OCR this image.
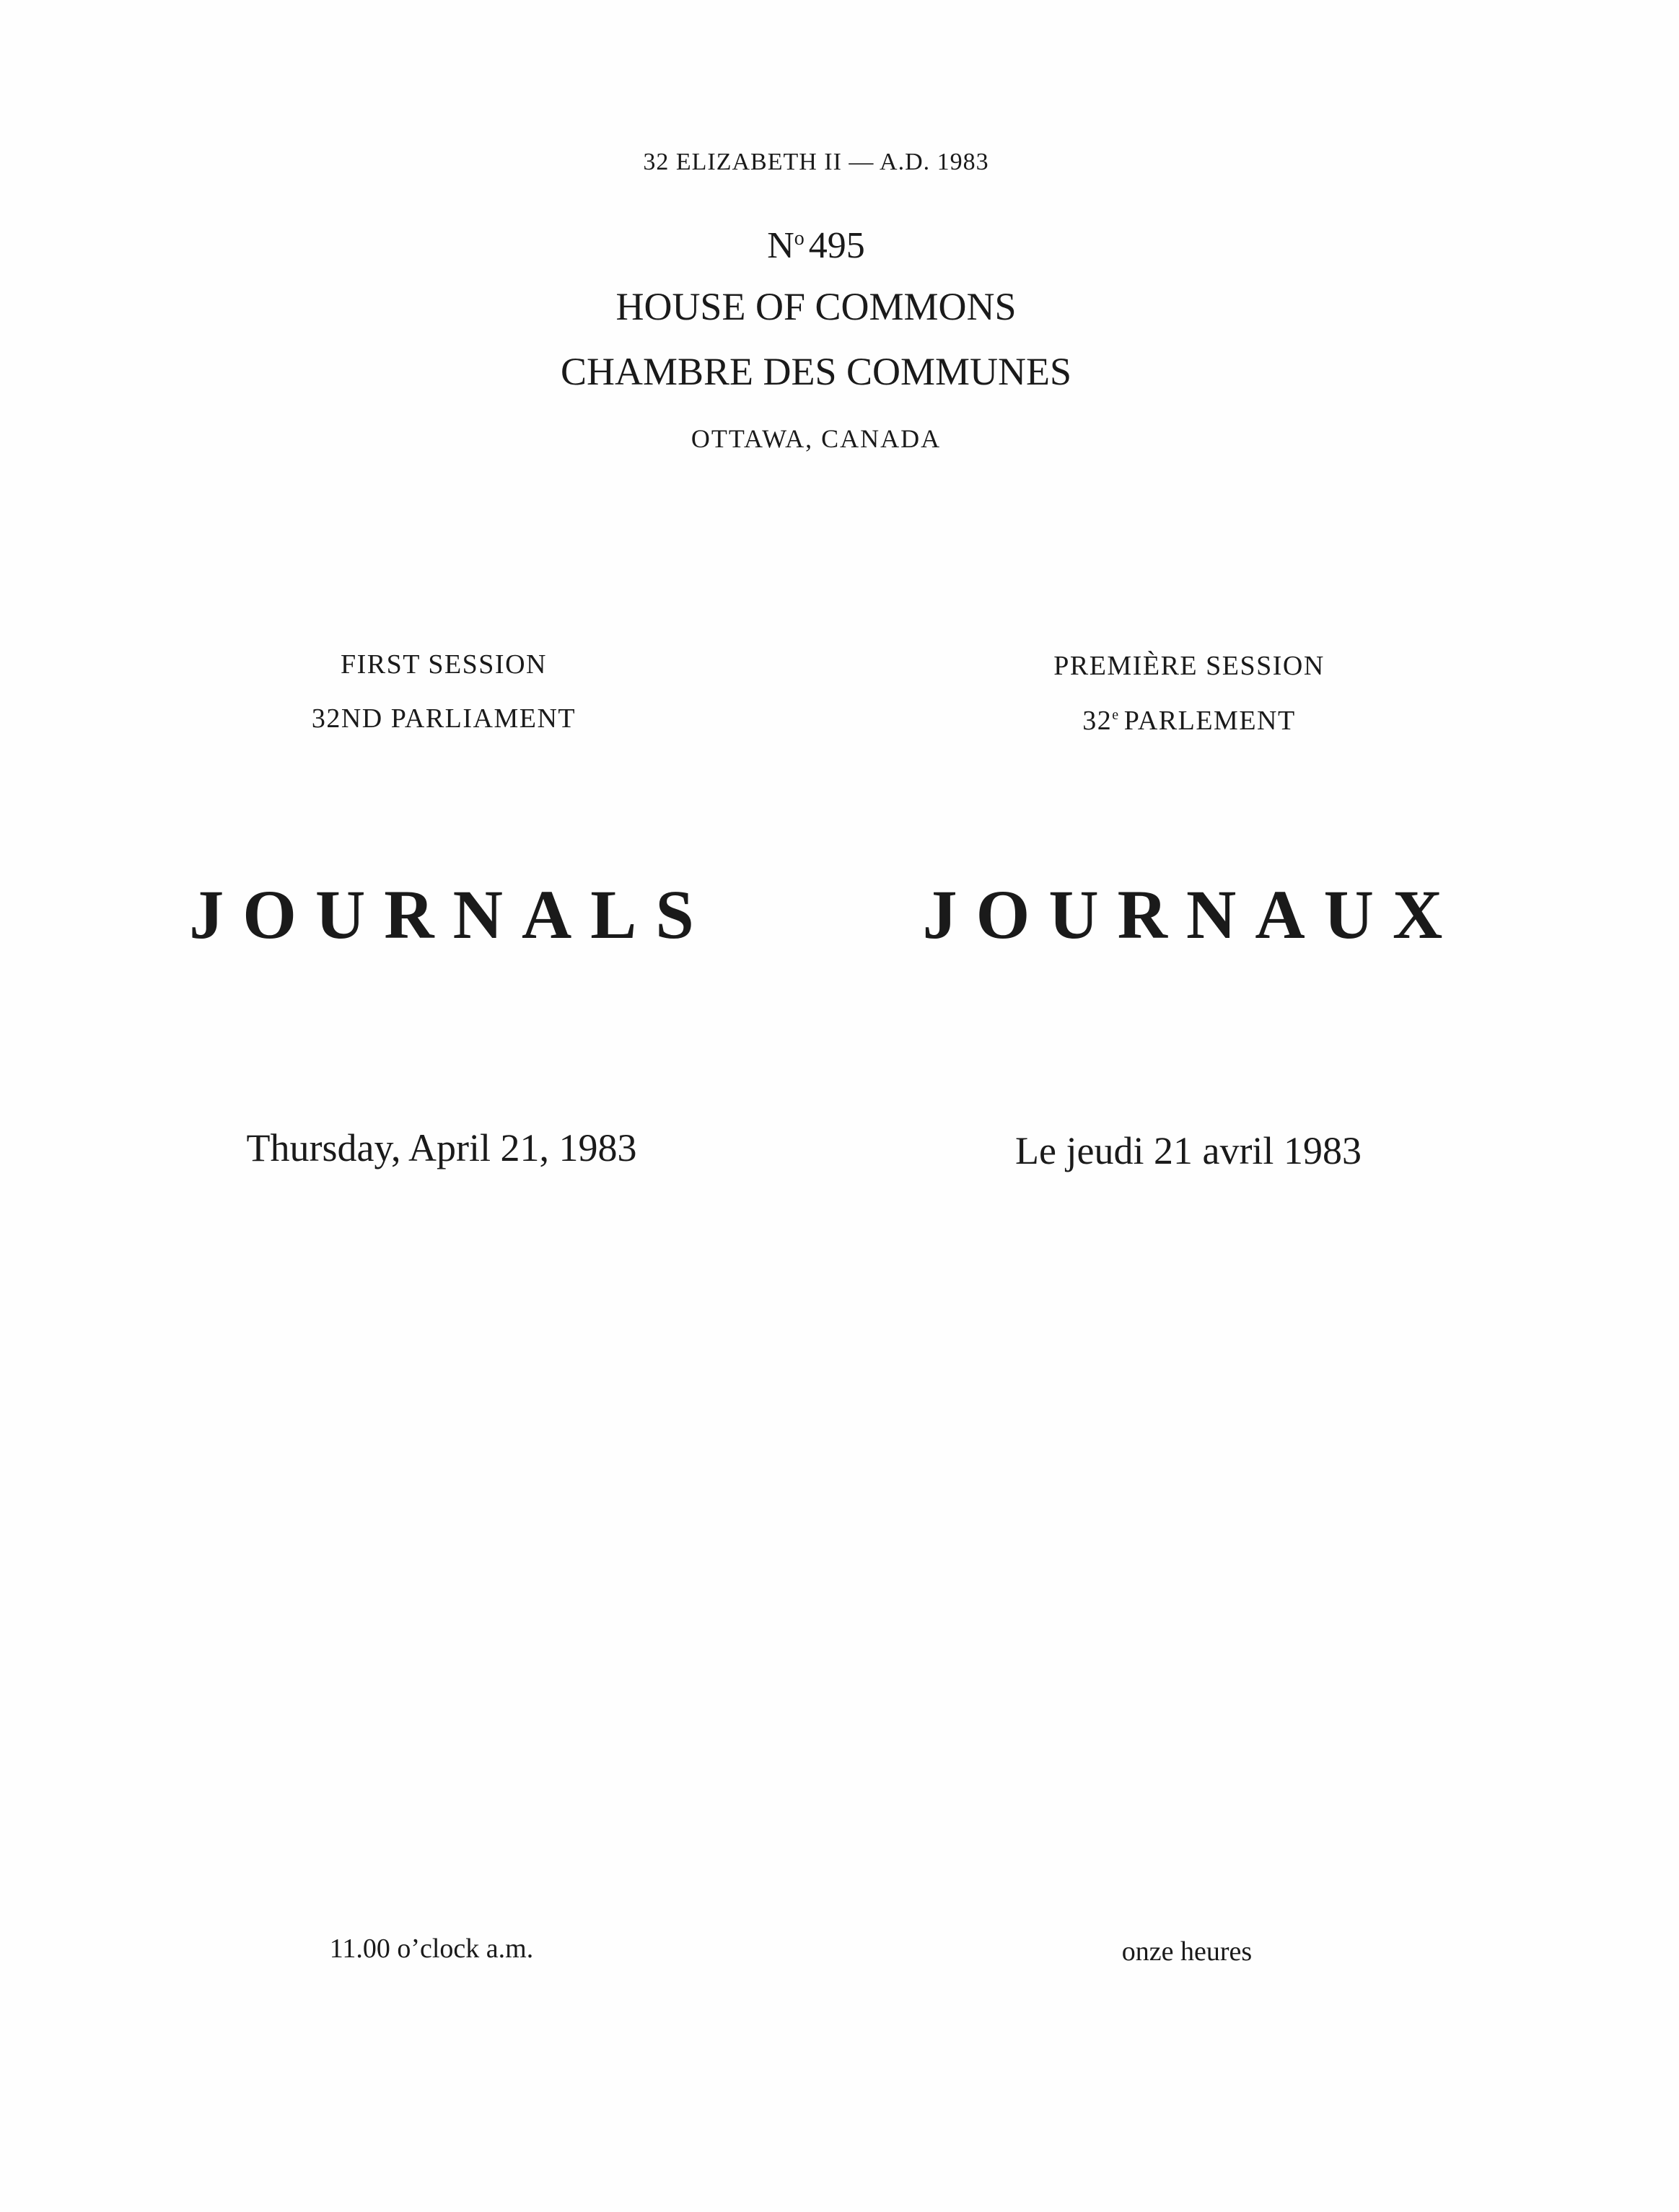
32 ELIZABETH II — A.D. 1983
$N^o$ 495
HOUSE OF COMMONS
CHAMBRE DES COMMUNES
OTTAWA, CANADA
FIRST SESSION
32ND PARLIAMENT
PREMIÈRE SESSION
32e PARLEMENT
JOURNALS	JOURNAUX
Thursday, April 21, 1983	Le jeudi 21 avril 1983
11.00 o’clock a.m.	onze heures
